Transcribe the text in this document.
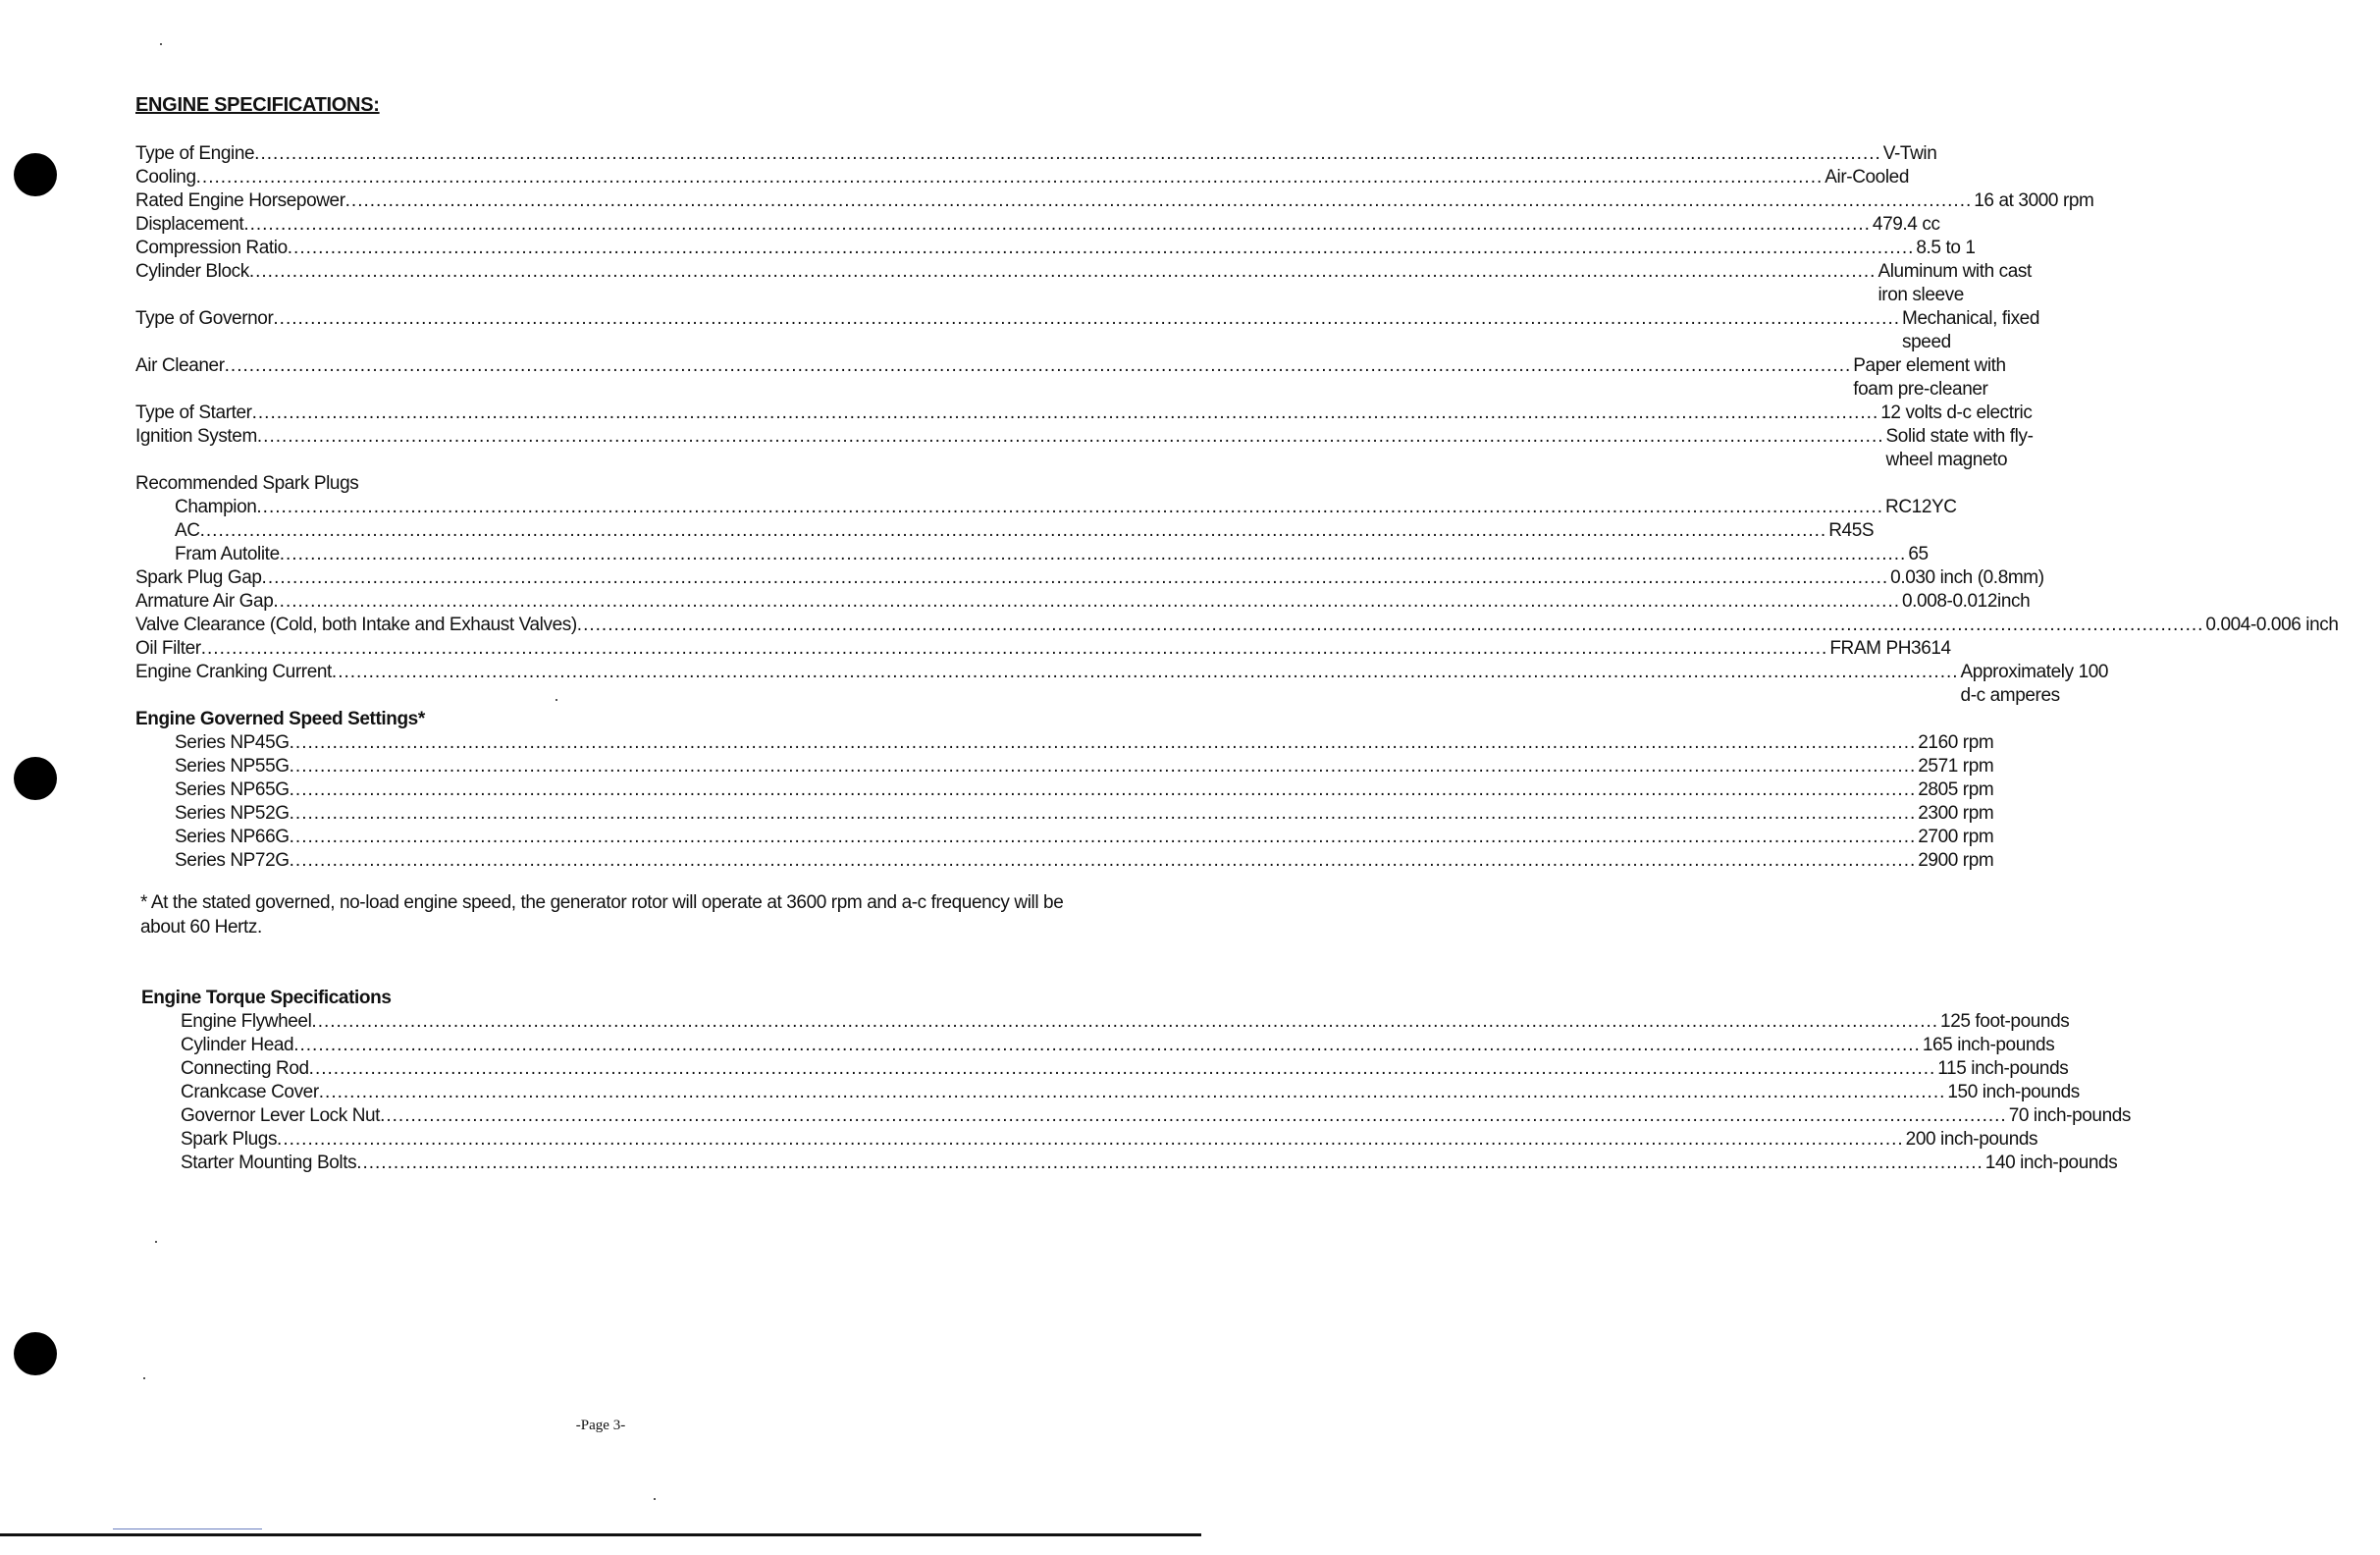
ENGINE SPECIFICATIONS:
Type of Engine ........................................................................................................................................................................................................................................................................ V-Twin
Cooling ........................................................................................................................................................................................................................................................................ Air-Cooled
Rated Engine Horsepower ........................................................................................................................................................................................................................................................................ 16 at 3000 rpm
Displacement ........................................................................................................................................................................................................................................................................ 479.4 cc
Compression Ratio ........................................................................................................................................................................................................................................................................ 8.5 to 1
Cylinder Block ........................................................................................................................................................................................................................................................................ Aluminum with cast
iron sleeve
Type of Governor ........................................................................................................................................................................................................................................................................ Mechanical, fixed
speed
Air Cleaner ........................................................................................................................................................................................................................................................................ Paper element with
foam pre-cleaner
Type of Starter ........................................................................................................................................................................................................................................................................ 12 volts d-c electric
Ignition System ........................................................................................................................................................................................................................................................................ Solid state with fly-
wheel magneto
Recommended Spark Plugs
Champion ........................................................................................................................................................................................................................................................................ RC12YC
AC ........................................................................................................................................................................................................................................................................ R45S
Fram Autolite ........................................................................................................................................................................................................................................................................ 65
Spark Plug Gap ........................................................................................................................................................................................................................................................................ 0.030 inch (0.8mm)
Armature Air Gap ........................................................................................................................................................................................................................................................................ 0.008-0.012inch
Valve Clearance (Cold, both Intake and Exhaust Valves) ........................................................................................................................................................................................................................................................................ 0.004-0.006 inch
Oil Filter ........................................................................................................................................................................................................................................................................ FRAM PH3614
Engine Cranking Current ........................................................................................................................................................................................................................................................................ Approximately 100
d-c amperes
Engine Governed Speed Settings*
Series NP45G ........................................................................................................................................................................................................................................................................ 2160 rpm
Series NP55G ........................................................................................................................................................................................................................................................................ 2571 rpm
Series NP65G ........................................................................................................................................................................................................................................................................ 2805 rpm
Series NP52G ........................................................................................................................................................................................................................................................................ 2300 rpm
Series NP66G ........................................................................................................................................................................................................................................................................ 2700 rpm
Series NP72G ........................................................................................................................................................................................................................................................................ 2900 rpm
* At the stated governed, no-load engine speed, the generator rotor will operate at 3600 rpm and a-c frequency will be about 60 Hertz.
Engine Torque Specifications
Engine Flywheel ........................................................................................................................................................................................................................................................................ 125 foot-pounds
Cylinder Head ........................................................................................................................................................................................................................................................................ 165 inch-pounds
Connecting Rod ........................................................................................................................................................................................................................................................................ 115 inch-pounds
Crankcase Cover ........................................................................................................................................................................................................................................................................ 150 inch-pounds
Governor Lever Lock Nut ........................................................................................................................................................................................................................................................................ 70 inch-pounds
Spark Plugs ........................................................................................................................................................................................................................................................................ 200 inch-pounds
Starter Mounting Bolts ........................................................................................................................................................................................................................................................................ 140 inch-pounds
-Page 3-
